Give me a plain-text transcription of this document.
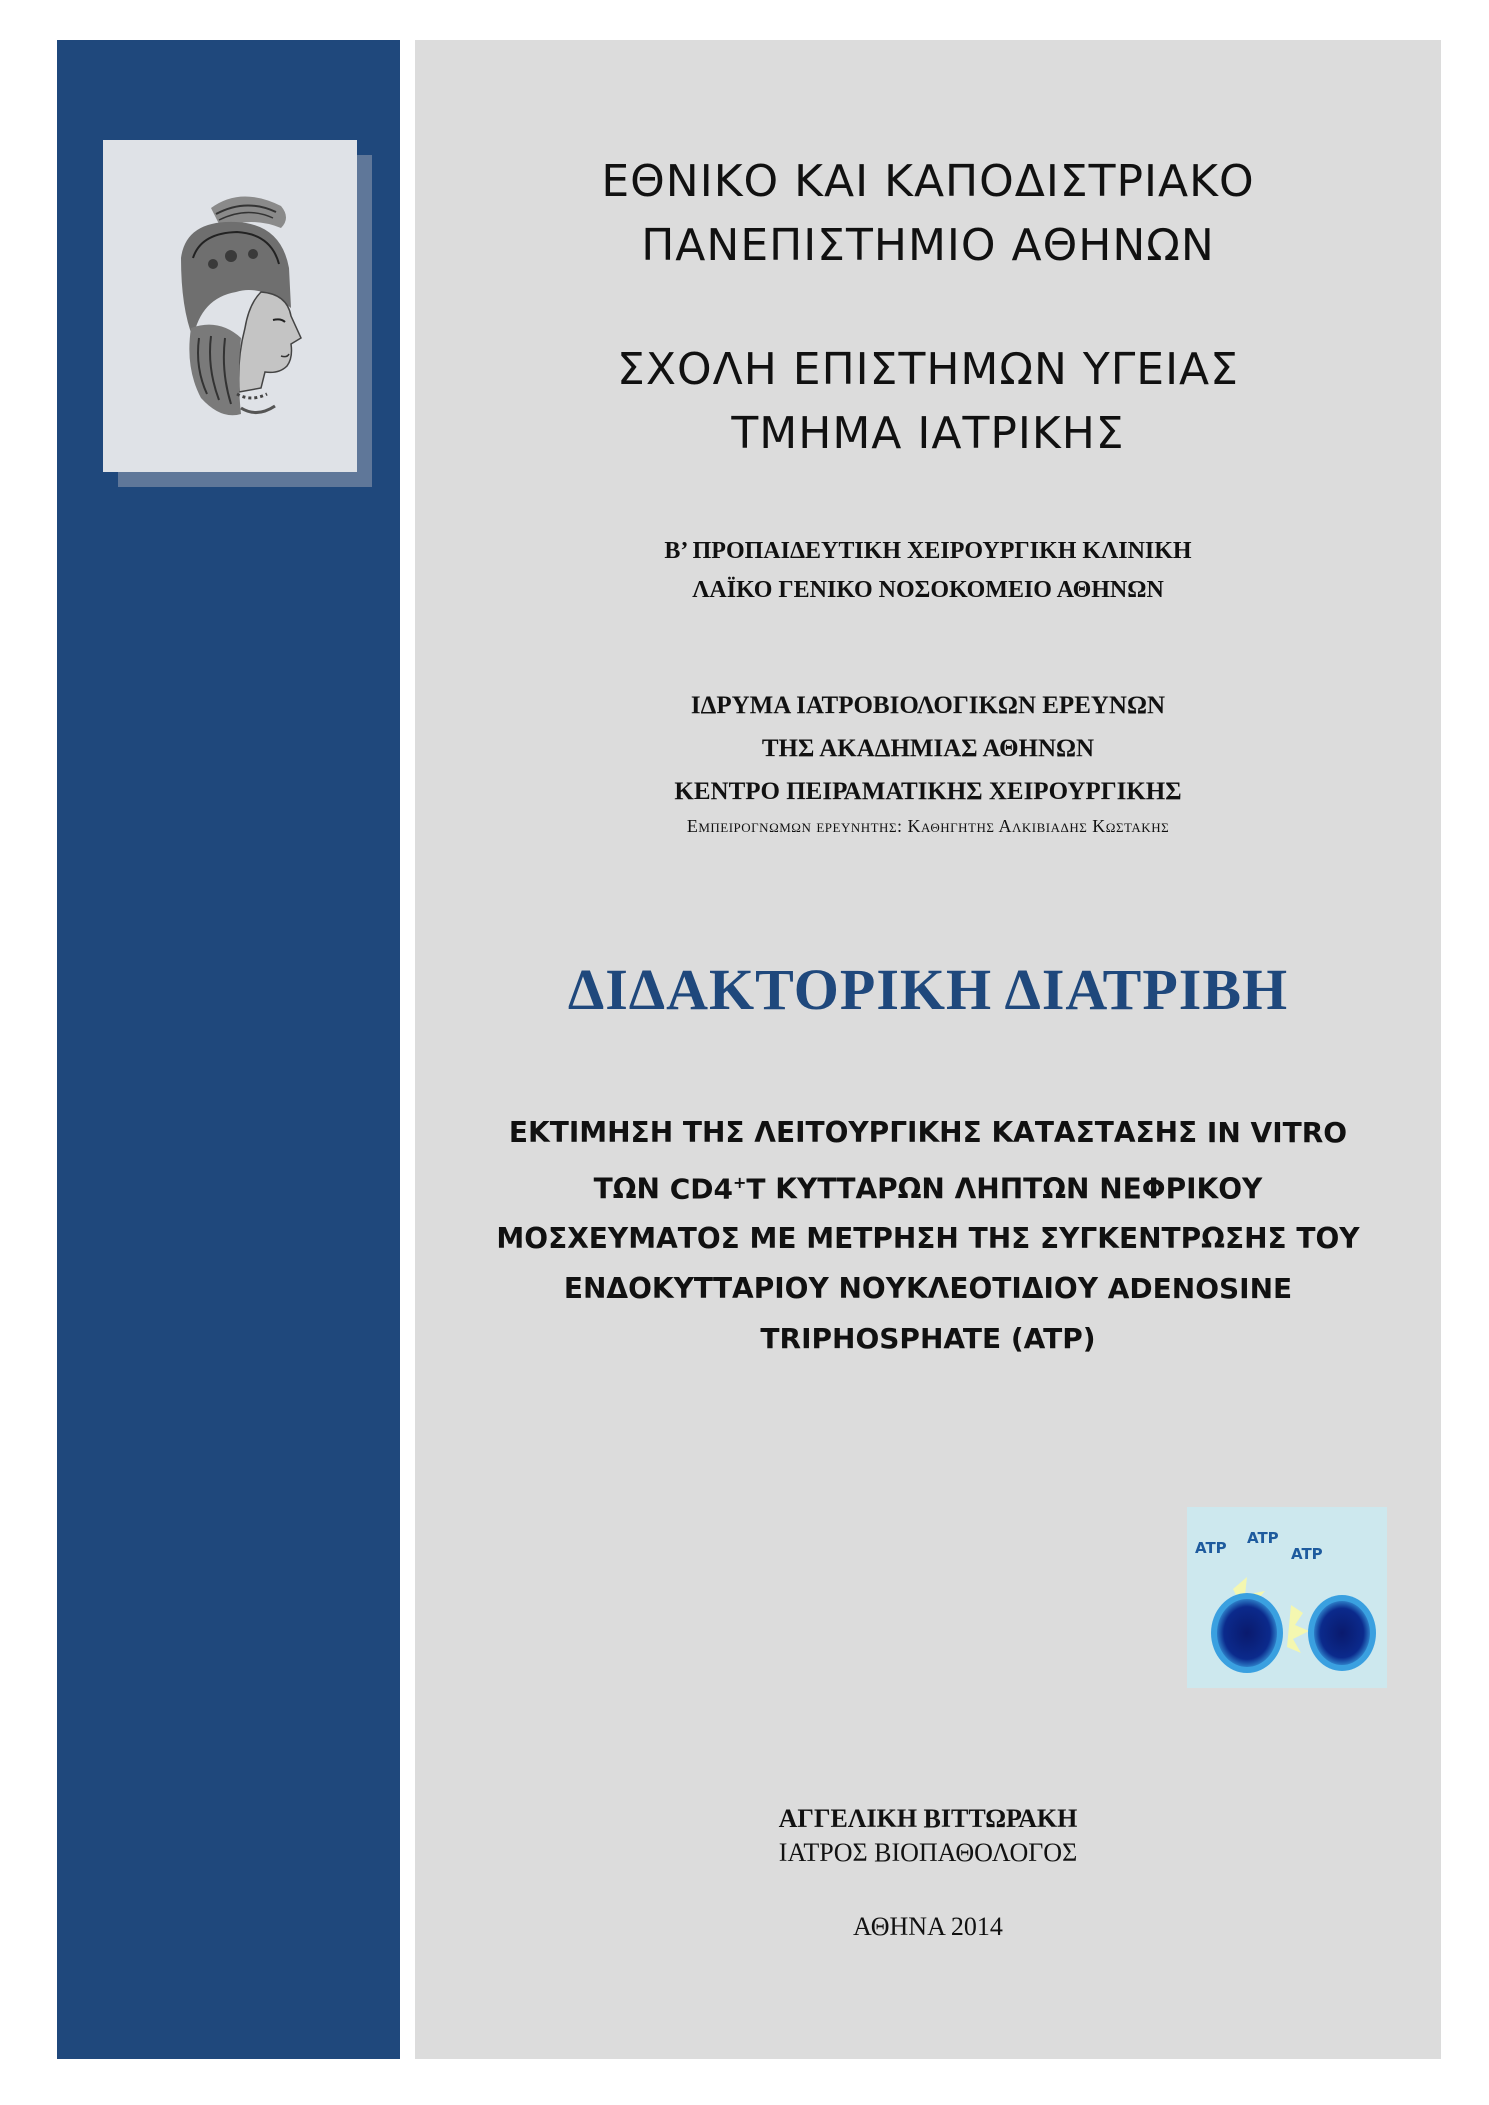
ΕΘΝΙΚΟ ΚΑΙ ΚΑΠΟΔΙΣΤΡΙΑΚΟ
ΠΑΝΕΠΙΣΤΗΜΙΟ ΑΘΗΝΩΝ
ΣΧΟΛΗ ΕΠΙΣΤΗΜΩΝ ΥΓΕΙΑΣ
ΤΜΗΜΑ ΙΑΤΡΙΚΗΣ

Β’ ΠΡΟΠΑΙΔΕΥΤΙΚΗ ΧΕΙΡΟΥΡΓΙΚΗ ΚΛΙΝΙΚΗ
ΛΑΪΚΟ ΓΕΝΙΚΟ ΝΟΣΟΚΟΜΕΙΟ ΑΘΗΝΩΝ

ΙΔΡΥΜΑ ΙΑΤΡΟΒΙΟΛΟΓΙΚΩΝ ΕΡΕΥΝΩΝ
ΤΗΣ ΑΚΑΔΗΜΙΑΣ ΑΘΗΝΩΝ
ΚΕΝΤΡΟ ΠΕΙΡΑΜΑΤΙΚΗΣ ΧΕΙΡΟΥΡΓΙΚΗΣ

Εμπειρογνωμων ερευνητης: Καθηγητης Αλκιβιαδης Κωστακης

ΔΙΔΑΚΤΟΡΙΚΗ ΔΙΑΤΡΙΒΗ

ΕΚΤΙΜΗΣΗ ΤΗΣ ΛΕΙΤΟΥΡΓΙΚΗΣ ΚΑΤΑΣΤΑΣΗΣ IN VITRO
ΤΩΝ CD4+T ΚΥΤΤΑΡΩΝ ΛΗΠΤΩΝ ΝΕΦΡΙΚΟΥ
ΜΟΣΧΕΥΜΑΤΟΣ ΜΕ ΜΕΤΡΗΣΗ ΤΗΣ ΣΥΓΚΕΝΤΡΩΣΗΣ ΤΟΥ
ΕΝΔΟΚΥΤΤΑΡΙΟΥ ΝΟΥΚΛΕΟΤΙΔΙΟΥ ADENOSINE
TRIPHOSPHATE (ATP)

ATP
ATP
ATP

ΑΓΓΕΛΙΚΗ ΒΙΤΤΩΡΑΚΗ

ΙΑΤΡΟΣ ΒΙΟΠΑΘΟΛΟΓΟΣ

ΑΘΗΝΑ 2014
